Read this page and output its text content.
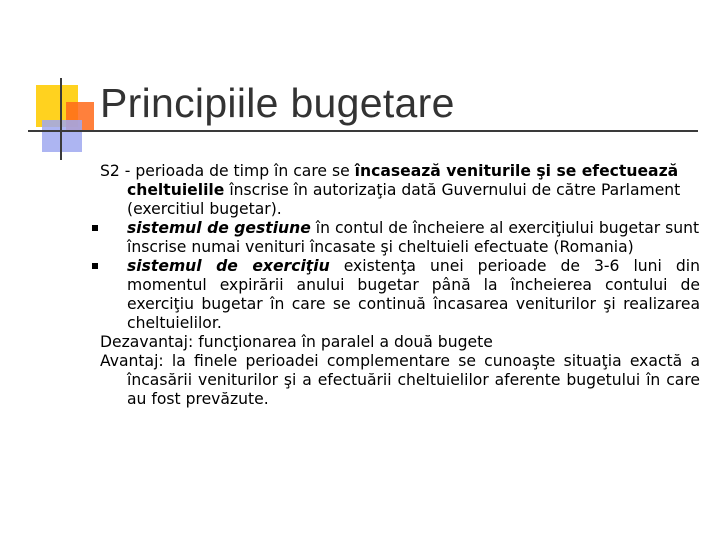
Principiile bugetare

S2 - perioada de timp în care se încasează veniturile şi se efectuează cheltuielile înscrise în autorizaţia dată Guvernului de către Parlament (exercitiul bugetar).

sistemul de gestiune în contul de încheiere al exerciţiului bugetar sunt înscrise numai venituri încasate şi cheltuieli efectuate (Romania)

sistemul de exerciţiu existenţa unei perioade de 3-6 luni din momentul expirării anului bugetar până la încheierea contului de exerciţiu bugetar în care se continuă încasarea veniturilor şi realizarea cheltuielilor.

Dezavantaj: funcţionarea în paralel a două bugete

Avantaj: la finele perioadei complementare se cunoaşte situaţia exactă a încasării veniturilor şi a efectuării cheltuielilor aferente bugetului în care au fost prevăzute.
